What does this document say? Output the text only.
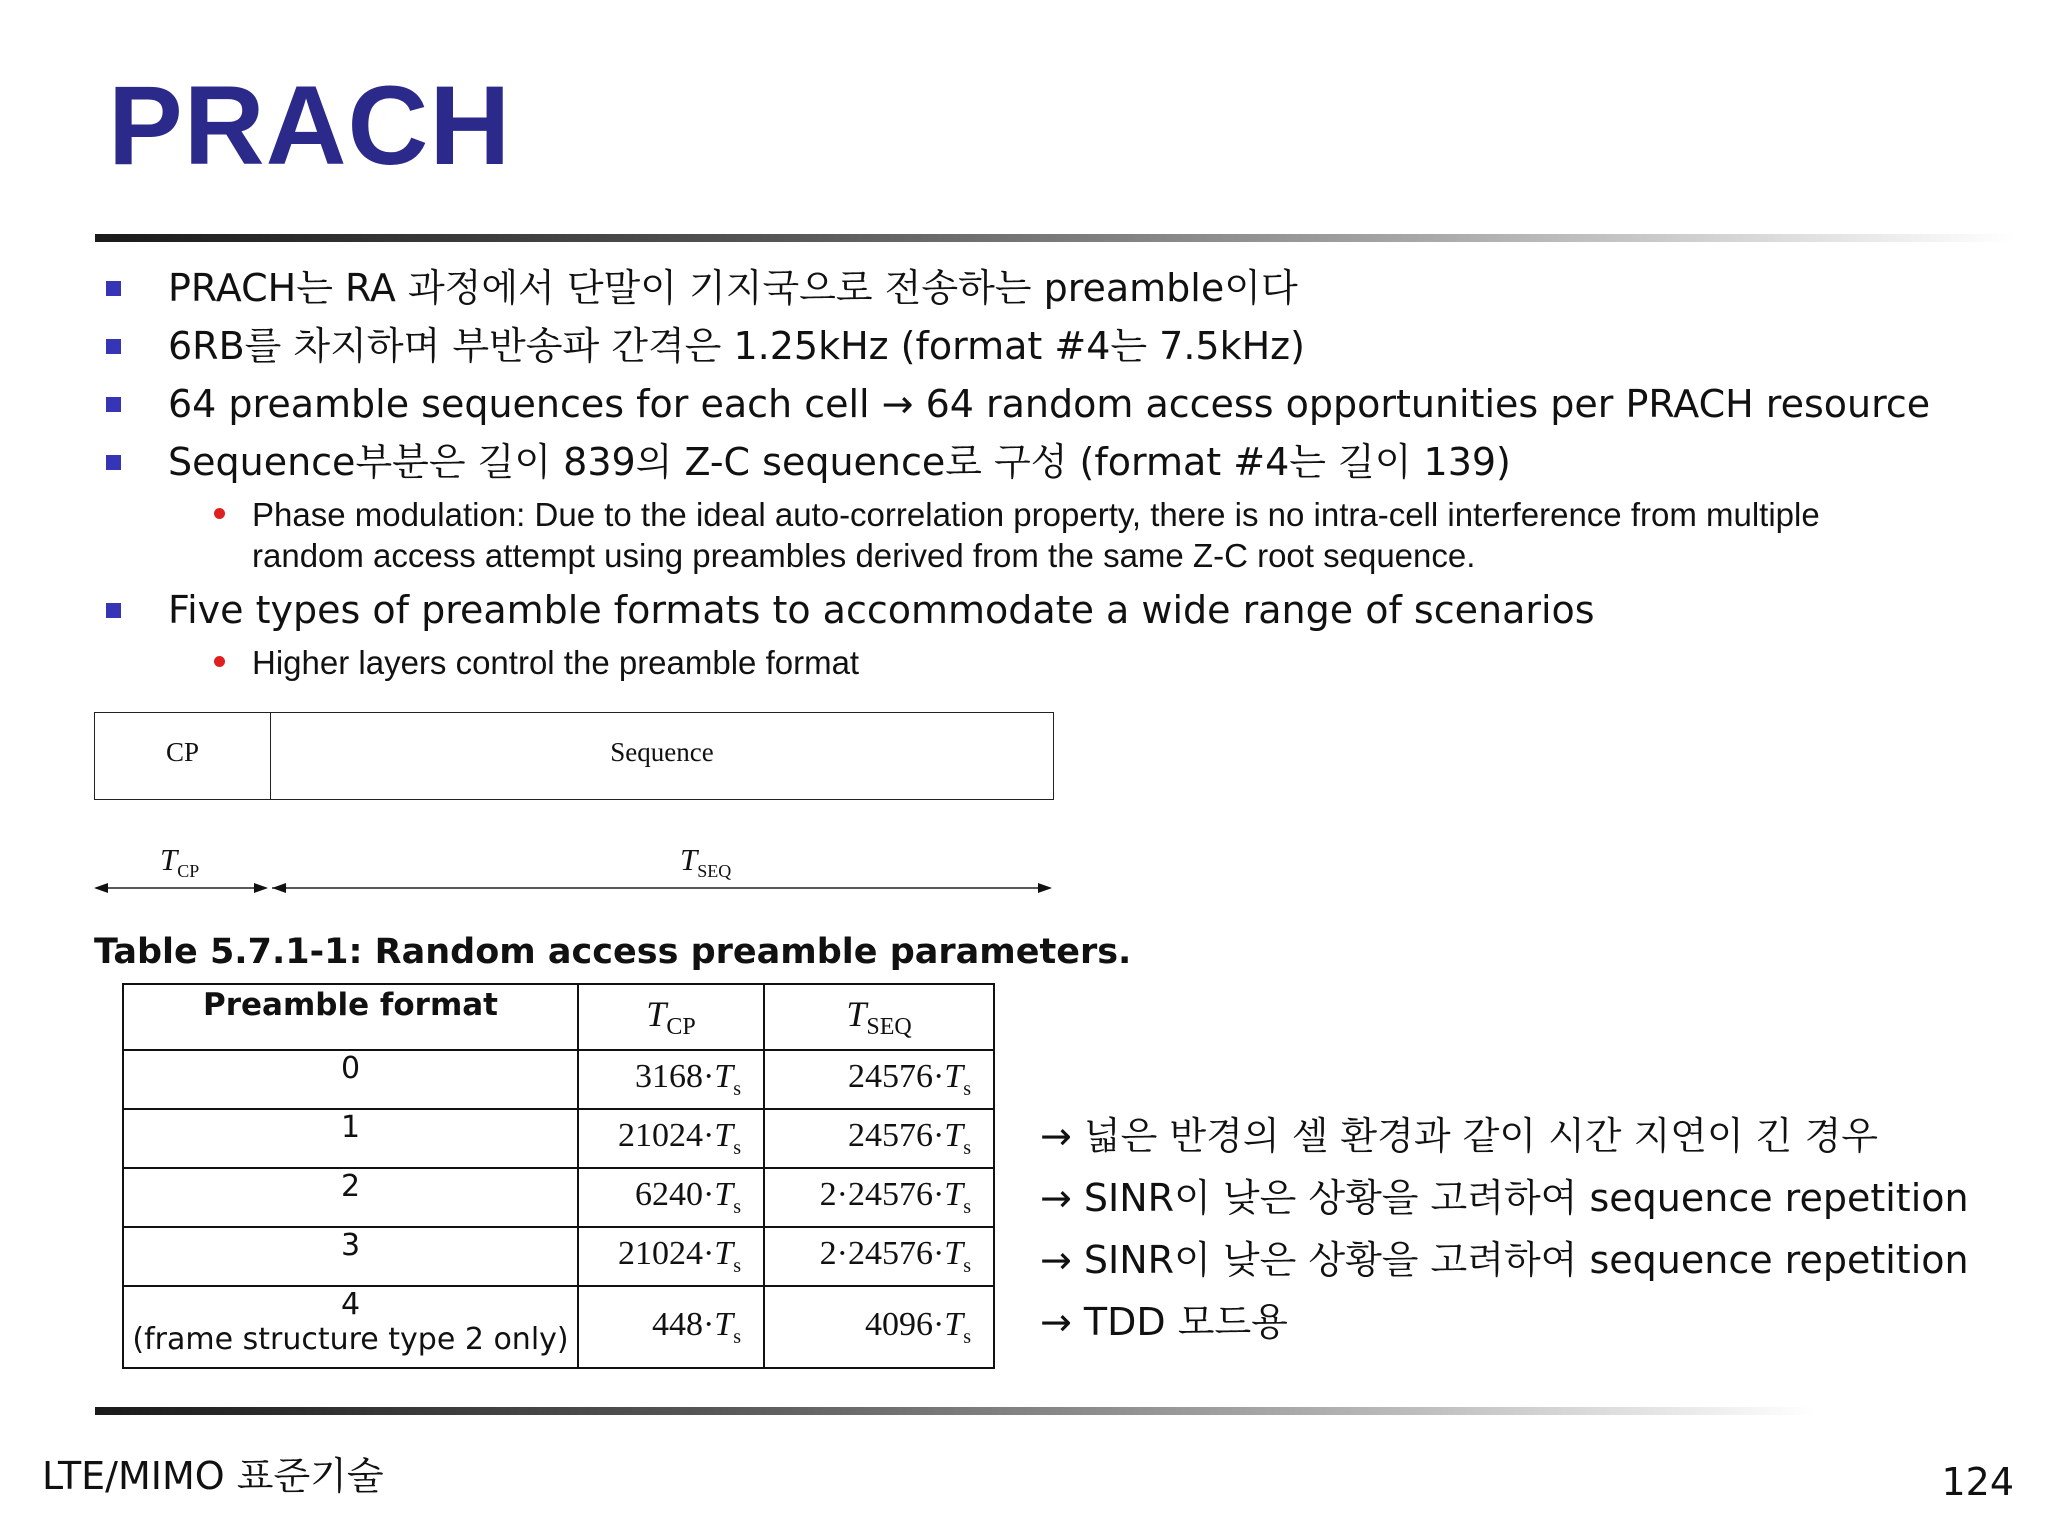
PRACH
PRACH는 RA 과정에서 단말이 기지국으로 전송하는 preamble이다
6RB를 차지하며 부반송파 간격은 1.25kHz (format #4는 7.5kHz)
64 preamble sequences for each cell → 64 random access opportunities per PRACH resource
Sequence부분은 길이 839의 Z-C sequence로 구성 (format #4는 길이 139)
Phase modulation: Due to the ideal auto-correlation property, there is no intra-cell interference from multiple random access attempt using preambles derived from the same Z-C root sequence.
Five types of preamble formats to accommodate a wide range of scenarios
Higher layers control the preamble format
CP	Sequence
$T_{CP}$	$T_{SEQ}$
Table 5.7.1-1: Random access preamble parameters.
Preamble format	$T_{CP}$	$T_{SEQ}$
0	$3168\cdot T_s$	$24576\cdot T_s$
1	$21024\cdot T_s$	$24576\cdot T_s$
2	$6240\cdot T_s$	$2\cdot 24576\cdot T_s$
3	$21024\cdot T_s$	$2\cdot 24576\cdot T_s$

4
(frame structure type 2 only)	$448\cdot T_s$	$4096\cdot T_s$
→ 넓은 반경의 셀 환경과 같이 시간 지연이 긴 경우
→ SINR이 낮은 상황을 고려하여 sequence repetition
→ SINR이 낮은 상황을 고려하여 sequence repetition
→ TDD 모드용
LTE/MIMO 표준기술	124
